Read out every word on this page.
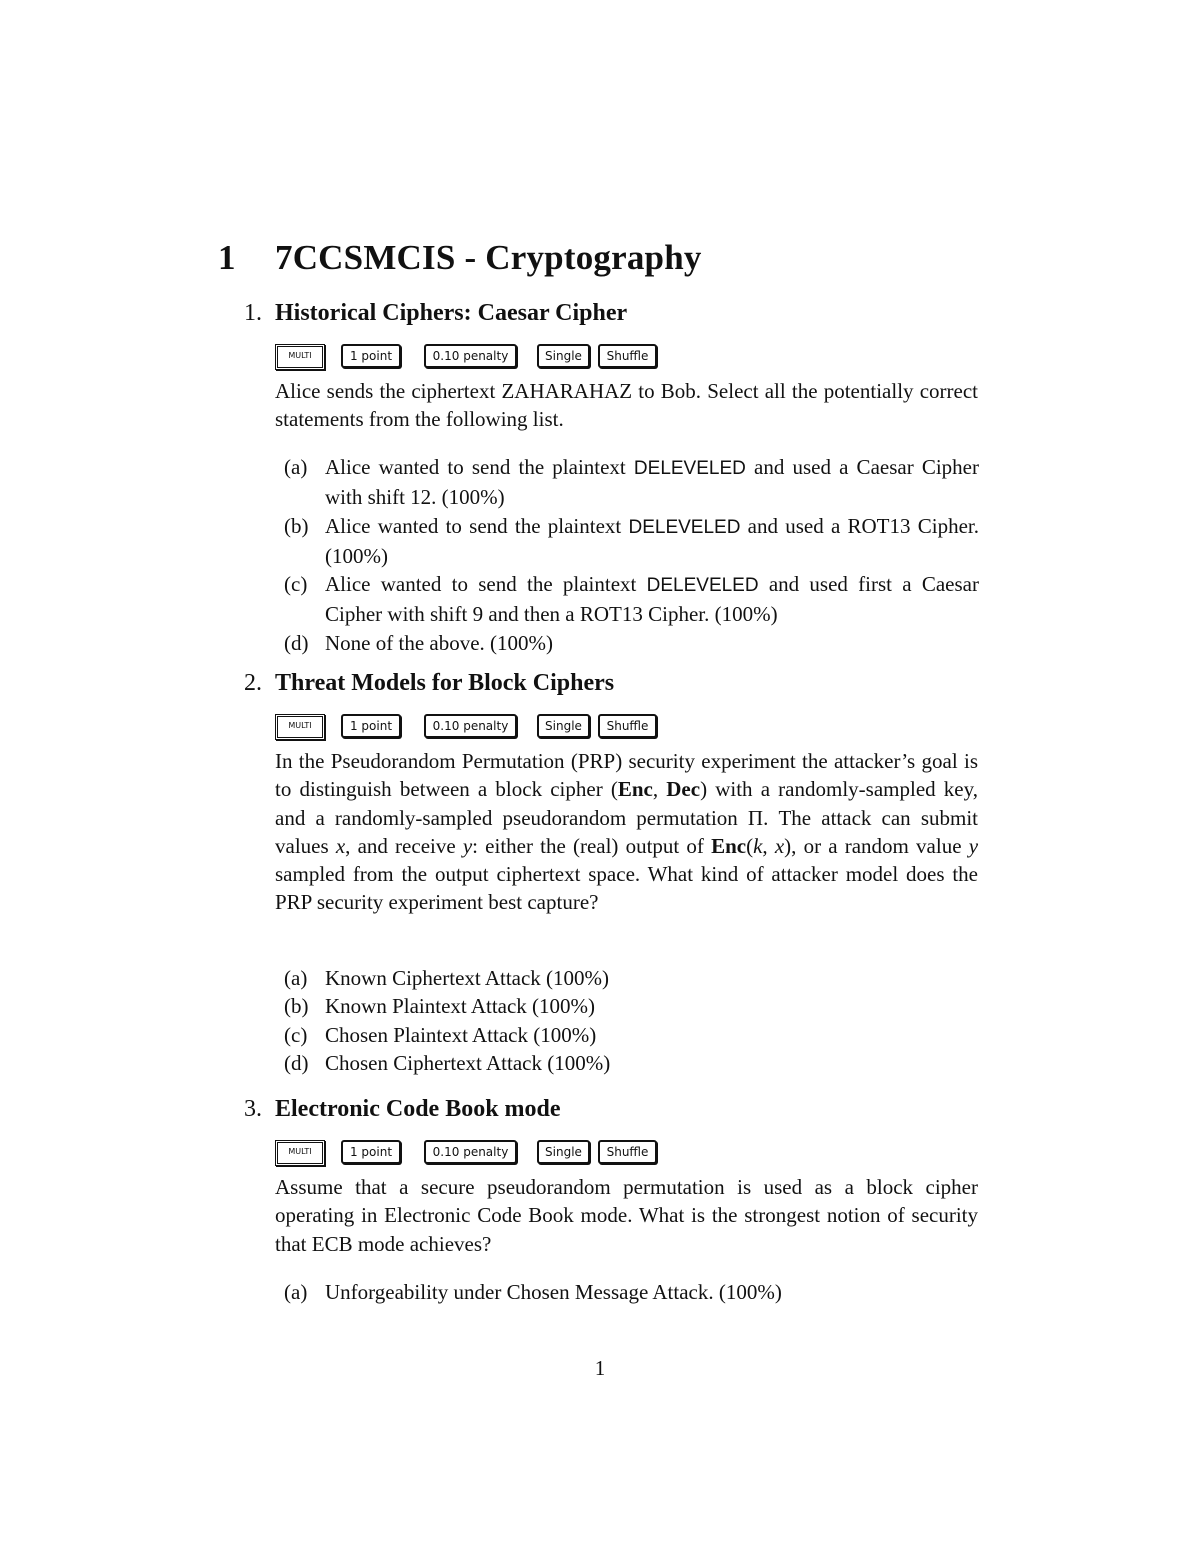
1 7CCSMCIS - Cryptography
1. Historical Ciphers: Caesar Cipher
MULTI	1 point	0.10 penalty	Single	Shuffle

Alice sends the ciphertext ZAHARAHAZ to Bob. Select all the potentially correct statements from the following list.

(a) Alice wanted to send the plaintext DELEVELED and used a Caesar Cipher with shift 12. (100%)
(b) Alice wanted to send the plaintext DELEVELED and used a ROT13 Cipher. (100%)
(c) Alice wanted to send the plaintext DELEVELED and used first a Caesar Cipher with shift 9 and then a ROT13 Cipher. (100%)
(d) None of the above. (100%)
2. Threat Models for Block Ciphers
MULTI	1 point	0.10 penalty	Single	Shuffle

In the Pseudorandom Permutation (PRP) security experiment the attacker’s goal is to distinguish between a block cipher (Enc, Dec) with a randomly-sampled key, and a randomly-sampled pseudorandom permutation Π. The attack can submit values x, and receive y: either the (real) output of Enc(k, x), or a random value y sampled from the output ciphertext space. What kind of attacker model does the PRP security experiment best capture?

(a) Known Ciphertext Attack (100%)
(b) Known Plaintext Attack (100%)
(c) Chosen Plaintext Attack (100%)
(d) Chosen Ciphertext Attack (100%)
3. Electronic Code Book mode
MULTI	1 point	0.10 penalty	Single	Shuffle

Assume that a secure pseudorandom permutation is used as a block cipher operating in Electronic Code Book mode. What is the strongest notion of security that ECB mode achieves?

(a) Unforgeability under Chosen Message Attack. (100%)
1
